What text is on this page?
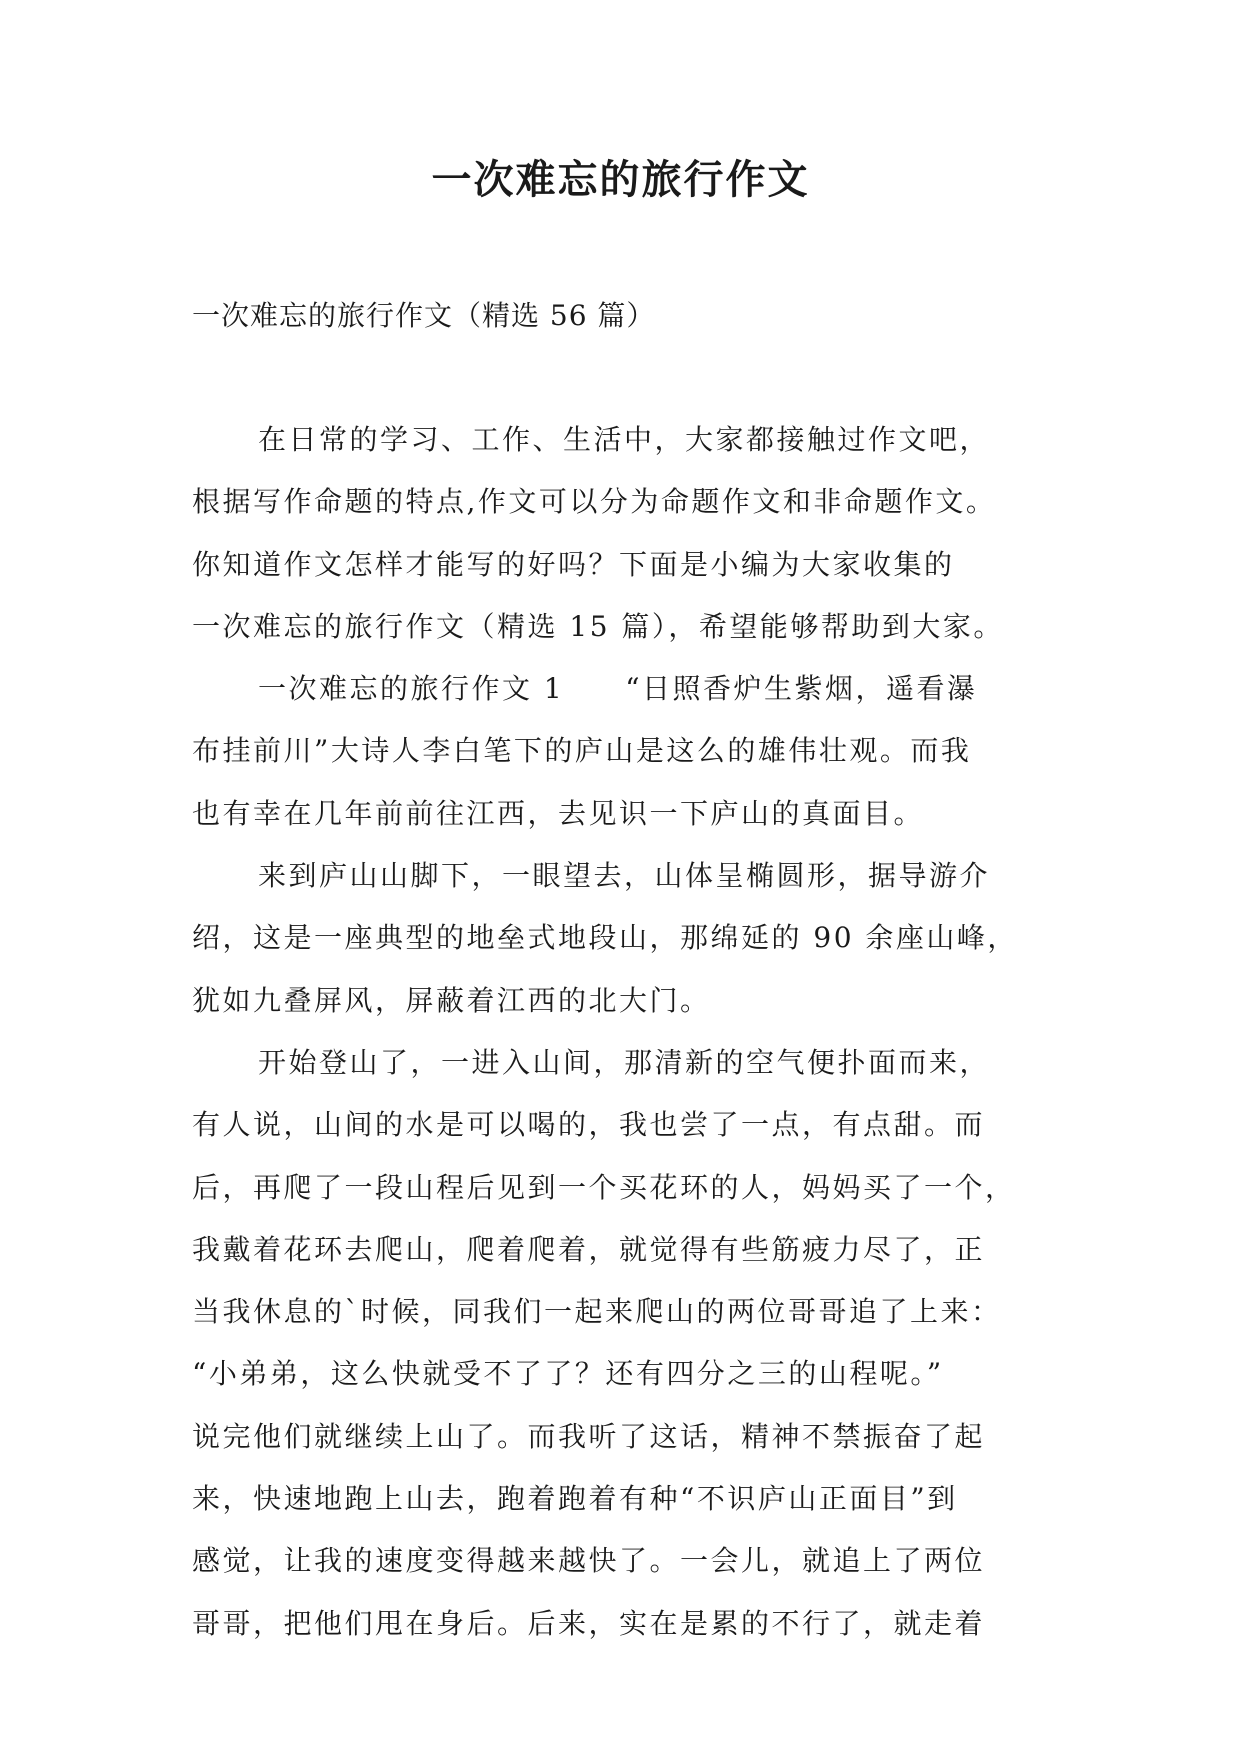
一次难忘的旅行作文
一次难忘的旅行作文（精选 56 篇）
在日常的学习、工作、生活中，大家都接触过作文吧，
根据写作命题的特点,作文可以分为命题作文和非命题作文。
你知道作文怎样才能写的好吗？下面是小编为大家收集的
一次难忘的旅行作文（精选 15 篇），希望能够帮助到大家。
一次难忘的旅行作文 1　　“日照香炉生紫烟，遥看瀑
布挂前川”大诗人李白笔下的庐山是这么的雄伟壮观。而我
也有幸在几年前前往江西，去见识一下庐山的真面目。
来到庐山山脚下，一眼望去，山体呈椭圆形，据导游介
绍，这是一座典型的地垒式地段山，那绵延的 90 余座山峰，
犹如九叠屏风，屏蔽着江西的北大门。
开始登山了，一进入山间，那清新的空气便扑面而来，
有人说，山间的水是可以喝的，我也尝了一点，有点甜。而
后，再爬了一段山程后见到一个买花环的人，妈妈买了一个，
我戴着花环去爬山，爬着爬着，就觉得有些筋疲力尽了，正
当我休息的`时候，同我们一起来爬山的两位哥哥追了上来：
“小弟弟，这么快就受不了了？还有四分之三的山程呢。”
说完他们就继续上山了。而我听了这话，精神不禁振奋了起
来，快速地跑上山去，跑着跑着有种“不识庐山正面目”到
感觉，让我的速度变得越来越快了。一会儿，就追上了两位
哥哥，把他们甩在身后。后来，实在是累的不行了，就走着
